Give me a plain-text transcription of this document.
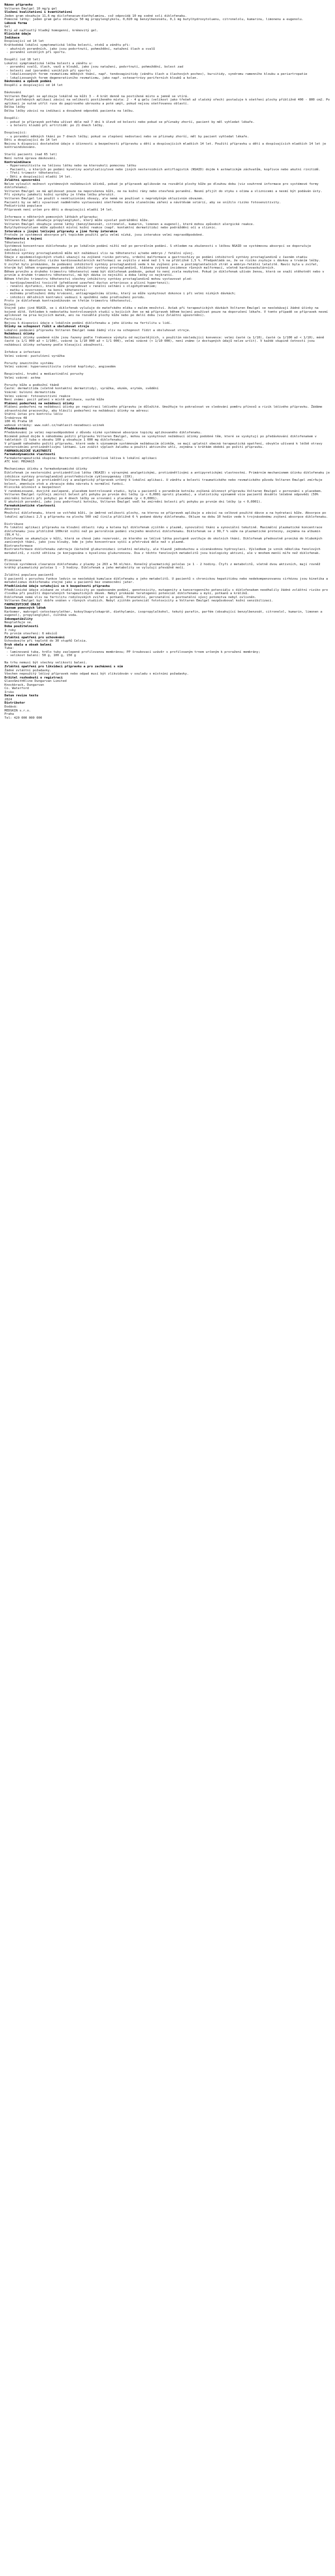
Název přípravku
Voltaren Emulgel 10 mg/g gel
Složení kvalitativní i kvantitativní
Jeden gram obsahuje 11,6 mg diclofenacum-diethylaminu, což odpovídá 10 mg sodné soli diklofenaku.
Pomocné látky: jeden gram gelu obsahuje 50 mg propylenglykolu, 0,020 mg benzylbenzoátu, 0,1 mg butylhydroxytoluenu, citronelolu, kumarinu, limonenu a eugenolu.
Léková forma
Gel
Bílý až nažloutlý hladký homogenní, krémovitý gel.
Klinické údaje
Indikace
Dospívající od 14 let
Krátkodobá lokální symptomatická léčba bolesti, otoků a zánětu při:
- akutních poraněních, jako jsou podvrtnutí, pohmoždění, natažení šlach a svalů
- poranění vzniklých při sportu.

Dospělí (od 18 let)
Lokální symptomatická léčba bolesti a zánětu u:
- poranění svalů, šlach, vazů a kloubů, jako jsou natažení, podvrtnutí, pohmoždění, bolest zad
- bolesti zad (poranění vzniklých při sportu)
- lokalizovaných forem revmatismu měkkých tkání, např. tendovaginitidy (zánětu šlach a šlachových pochev), bursitidy, syndromu ramenního kloubu a periartropatie
- lokalizovaných forem degenerativního revmatismu, jako např. osteoartrózy periferních kloubů a kolen.
Dávkování a způsob podání
Dospělí a dospívající od 14 let

Dávkování
Voltaren Emulgel se aplikuje lokálně na kůži 3 - 4 krát denně na postižené místo a jemně se vtírá.
Počet potřebných aplikací závisí na velikosti postiženého místa: 2 - 4 g gelu (velikost jako třešeň až vlašský ořech) postačuje k ošetření plochy přibližně 400 - 800 cm2. Po aplikaci je nutné utřít ruce do papírového ubrousku a poté umýt, pokud nejsou ošetřovanou oblastí.
Délka léčby
Délka léčby závisí na indikaci a dosažené odpovědi pacienta na léčbu.

Dospělí:
- pokud je přípravek potřeba užívat déle než 7 dní k úlevě od bolesti nebo pokud se příznaky zhorší, pacient by měl vyhledat lékaře.
- u bolesti kloubů při artritidě: po 21 dnech léčby.

Dospívající:
- u poranění měkkých tkání po 7 dnech léčby; pokud se zlepšení nedostaví nebo se příznaky zhorší, měl by pacient vyhledat lékaře.
Děti a dospívající do 14 let
Nejsou k dispozici dostatečné údaje o účinnosti a bezpečnosti přípravku u dětí a dospívajících mladších 14 let. Použití přípravku u dětí a dospívajících mladších 14 let je kontraindikováno.

Starší pacienti (nad 65 let)
Není nutná úprava dávkování.
Kontraindikace
- Hypersenzitivita na léčivou látku nebo na kteroukoli pomocnou látku
- Pacienti, u kterých po podání kyseliny acetylsalicylové nebo jiných nesteroidních antiflogistik (NSAID) dojde k astmatickým záchvatům, kopřivce nebo akutní rinitidě.
- Třetí trimestr těhotenství.
- Děti a dospívající mladší 14 let.
Zvláštní upozornění
Nelze vyloučit možnost systémových nežádoucích účinků, pokud je přípravek aplikován na rozsáhlé plochy kůže po dlouhou dobu (viz souhrnné informace pro systémové formy diklofenaku).
Voltaren Emulgel se má aplikovat pouze na neporušenou kůži, ne na kožní rány nebo otevřená poranění. Nesmí přijít do styku s očima a sliznicemi a nesmí být podáván ústy.
Při výskytu jakékoli kožní vyrážky je třeba léčbu přerušit.
Voltaren Emulgel lze použít s neokluzivními obvazy, ale nemá se používat s neprodyšným okluzivním obvazem.
Pacienti by se měli vyvarovat nadměrného vystavování ošetřeného místa slunečnímu záření a návštěvám solárií, aby se snížilo riziko fotosenzitivity.
Pediatrická populace
Přípravek není určen pro děti a dospívající mladší 14 let.

Informace o některých pomocných látkách přípravku:
Voltaren Emulgel obsahuje propylenglykol, který může vyvolat podráždění kůže.
Voltaren Emulgel obsahuje vonné látky (benzylbenzoát, citronelol, kumarin, limonen a eugenol), které mohou způsobit alergické reakce.
Butylhydroxytoluen může způsobit místní kožní reakce (např. kontaktní dermatitidu) nebo podráždění očí a sliznic.
Interakce s jinými léčivými přípravky a jiné formy interakce
Protože je systémová absorpce při topickém použití gelu velmi nízká, jsou interakce velmi nepravděpodobné.
Těhotenství a kojení
Těhotenství
Systémová koncentrace diklofenaku je po lokálním podání nižší než po perorálním podání. S ohledem na zkušenosti s léčbou NSAID se systémovou absorpcí se doporučuje následující:
Inhibice syntézy prostaglandinů může mít nežádoucí vliv na těhotenství a/nebo embryo / fetální vývoj.
Údaje z epidemiologických studií ukazují na zvýšené riziko potratu, srdeční malformace a gastroschízy po podání inhibitorů syntézy prostaglandinů v časném stadiu těhotenství. Absolutní riziko kardiovaskulárních malformací se zvýšilo z méně než 1 % na přibližně 1,5 %. Předpokládá se, že se riziko zvyšuje s dávkou a trváním léčby.
U zvířat bylo prokázáno, že podávání inhibitorů syntézy prostaglandinů vede k ke zvýšení pre- a postimplantačních ztrát a embryo-fetální letalitě. Navíc byla u zvířat, kterým byl během organogeneze podáván inhibitor syntézy prostaglandinů, hlášena zvýšená incidence různých malformací, včetně kardiovaskulárních.
Během prvního a druhého trimestru těhotenství nemá být diklofenak podáván, pokud to není zcela nezbytné. Pokud je diklofenak užíván ženou, která se snaží otěhotnět nebo v prvním a druhém trimestru těhotenství, má být dávka co nejnižší a doba léčby co nejkratší.
Během třetího trimestru těhotenství všechny inhibitory syntézy prostaglandinů mohou vystavovat plod:
- kardiopulmonální toxicitě (předčasné uzavření ductus arteriosus a plicní hypertenzi);
- renální dysfunkci, která může progredovat v renální selhání s oligohydramniem;
- matku a novorozence na konci těhotenství:
- možnému prodloužení doby krvácení, antiagregačnímu účinku, který se může vyskytnout dokonce i při velmi nízkých dávkách;
- inhibici děložních kontrakcí vedoucí k opoždění nebo prodloužení porodu.
Proto je diklofenak kontraindikován ve třetím trimestru těhotenství.
Kojení
Stejně jako jiné NSAID, se i diklofenak vylučuje do mateřského mléka v malém množství. Avšak při terapeutických dávkách Voltaren Emulgel se neočekávají žádné účinky na kojené dítě. Vzhledem k nedostatku kontrolovaných studií u kojících žen se má přípravek během kojení používat pouze na doporučení lékaře. V tomto případě se přípravek nesmí aplikovat na prsa kojících matek, ani na rozsáhlé plochy kůže nebo po delší dobu (viz Zvláštní upozornění).
Fertilita
Nejsou k dispozici údaje o lokálním podání diklofenaku a jeho účinku na fertilitu u lidí.
Účinky na schopnost řídit a obsluhovat stroje
Lokální podávání přípravku Voltaren Emulgel nemá žádný vliv na schopnost řídit a obsluhovat stroje.
Nežádoucí účinky
Nežádoucí účinky uvedené níže jsou řazeny podle frekvence výskytu od nejčastějších, s použitím následující konvence: velmi časté (≥ 1/10), časté (≥ 1/100 až < 1/10), méně časté (≥ 1/1 000 až < 1/100), vzácné (≥ 1/10 000 až < 1/1 000), velmi vzácné (< 1/10 000), není známo (z dostupných údajů nelze určit). V každé skupině četností jsou nežádoucí účinky seřazeny podle klesající závažnosti.

Infekce a infestace
Velmi vzácné: pustulózní vyrážka

Poruchy imunitního systému
Velmi vzácné: hypersenzitivita (včetně kopřivky), angioedém

Respirační, hrudní a mediastinální poruchy
Velmi vzácné: astma

Poruchy kůže a podkožní tkáně
Časté: dermatitida (včetně kontaktní dermatitidy), vyrážka, ekzém, erytém, svědění
Vzácné: bulózní dermatitida
Velmi vzácné: fotosenzitivní reakce
Není známo: pocit pálení v místě aplikace, suchá kůže
Hlášení podezření na nežádoucí účinky
Hlášení podezření na nežádoucí účinky po registraci léčivého přípravku je důležité. Umožňuje to pokračovat ve sledování poměru přínosů a rizik léčivého přípravku. Žádáme zdravotnické pracovníky, aby hlásili podezření na nežádoucí účinky na adresu:
Státní ústav pro kontrolu léčiv
Šrobárova 48
100 41 Praha 10
webové stránky: www.sukl.cz/nahlasit-nezadouci-ucinek
Předávkování
Předávkování je velmi nepravděpodobné z důvodu nízké systémové absorpce topicky aplikovaného diklofenaku.
Nicméně pokud dojde k náhodnému požití přípravku Voltaren Emulgel, mohou se vyskytnout nežádoucí účinky podobné těm, které se vyskytují po předávkování diklofenakem v tabletách (1 tuba o obsahu 100 g obsahuje 1 000 mg diklofenaku).
V případě náhodného požití přípravku, které vede k významným systémovým nežádoucím účinkům, se mají uplatnit obecná terapeutická opatření, obvykle užívaná k léčbě otravy nesteroidními protizánětlivými látkami. Lze zvážit výplach žaludku a použití aktivního uhlí, zejména v krátkém období po požití přípravku.
FARMAKOLOGICKÉ VLASTNOSTI
Farmakodynamické vlastnosti
Farmakoterapeutická skupina: Nesteroidní protizánětlivá léčiva k lokální aplikaci
ATC kód: M02AA15

Mechanismus účinku a farmakodynamické účinky
Diklofenak je nesteroidní protizánětlivá látka (NSAID) s výraznými analgetickými, protizánětlivými a antipyretickými vlastnostmi. Primárním mechanismem účinku diklofenaku je inhibice syntézy prostaglandinů prostřednictvím cyklooxygenázy (COX).
Voltaren Emulgel je protizánětlivý a analgetický přípravek určený k lokální aplikaci. U zánětu a bolesti traumatického nebo revmatického původu Voltaren Emulgel zmírňuje bolest, zmenšuje otok a zkracuje dobu návratu k normální funkci.
Klinická účinnost a bezpečnost
V randomizované, dvojitě zaslepené, placebem kontrolované studii, byla u pacientů s poraněním kotníku zvýšená účinnost přípravku Voltaren Emulgel v porovnání s placebem. Voltaren Emulgel rychleji zmírnil bolest při pohybu po prvním dni léčby (p < 0,0001 oproti placebu), a statisticky významně více pacientů dosáhlo léčebné odpovědi (50% zmírnění bolesti při pohybu) po 4 dnech léčby ve srovnání s placebem (p < 0,0001).
U akutních poranění, jako jsou podvrtnutí kotníku, Voltaren Emulgel vedl ke zmírnění bolesti při pohybu po prvním dni léčby (p < 0,0001).
Farmakokinetické vlastnosti
Absorpce
Množství diklofenaku, které se vstřebá kůží, je úměrné velikosti plochy, na kterou se přípravek aplikuje a závisí na celkové použité dávce a na hydrataci kůže. Absorpce po lokální aplikaci 2,5 g přípravku na plochu 500 cm2 činila přibližně 6 % podané dávky diklofenaku. Okluze na dobu 10 hodin vede k trojnásobnému zvýšení absorpce diklofenaku.

Distribuce
Po lokální aplikaci přípravku na kloubní oblasti ruky a kolena byl diklofenak zjištěn v plazmě, synoviální tkáni a synoviální tekutině. Maximální plazmatické koncentrace diklofenaku jsou přibližně 100krát nižší než po perorálním podání stejného množství diklofenaku. Diklofenak se z 99,7 % váže na plazmatické proteiny, zejména na albumin (99,4 %).
Diklofenak se akumuluje v kůži, která se chová jako rezervoár, ze kterého se léčivá látka postupně uvolňuje do okolních tkání. Diklofenak přednostně proniká do hlubokých zanícených tkání, jako jsou klouby, kde je jeho koncentrace vyšší a přetrvává déle než v plazmě.
Biotransformace
Biotransformace diklofenaku zahrnuje částečně glukuronidaci intaktní molekuly, ale hlavně jednoduchou a vícenásobnou hydroxylaci. Výsledkem je vznik několika fenolových metabolitů, z nichž většina je konjugována s kyselinou glukuronovou. Dva z těchto fenolových metabolitů jsou biologicky aktivní, ale v mnohem menší míře než diklofenak.

Eliminace
Celková systémová clearance diklofenaku z plazmy je 263 ± 56 ml/min. Konečný plazmatický poločas je 1 - 2 hodiny. Čtyři z metabolitů, včetně dvou aktivních, mají rovněž krátký plazmatický poločas 1 - 3 hodiny. Diklofenak a jeho metabolity se vylučují převážně močí.

Zvláštní populace pacientů
U pacientů s poruchou funkce ledvin se neočekává kumulace diklofenaku a jeho metabolitů. U pacientů s chronickou hepatitidou nebo nedekompenzovanou cirhózou jsou kinetika a metabolismus diklofenaku stejné jako u pacientů bez onemocnění jater.
Předklinické údaje vztahující se k bezpečnosti přípravku
Předklinické údaje získané ze studií toxicity po opakovaném podání, genotoxicity, mutagenity a kancerogenního potenciálu s diklofenakem neodhalily žádné zvláštní riziko pro člověka při použití doporučených terapeutických dávek. Nebyl prokázán teratogenní potenciál diklofenaku u myší, potkanů a králíků.
Diklofenak nemá vliv na fertilitu rodičovských zvířat u potkanů. Prenatální, perinatální a postnatální vývoj potomstva nebyl ovlivněn.
Voltaren Emulgel byl dobře snášen v různých studiích. Nebyl zjištěn potenciál fototoxicity a Voltaren Emulgel nezpůsoboval kožní senzibilizaci.
FARMACEUTICKÉ ÚDAJE
Seznam pomocných látek
Karbomer, makrogol-cetostearylether, kokoylkaprylokaprát, diethylamin, isopropylalkohol, tekutý parafin, parfém (obsahující benzylbenzoát, citronelol, kumarin, limonen a eugenol), propylenglykol, čištěná voda.
Inkompatibility
Neuplatňuje se.
Doba použitelnosti
3 roky
Po prvním otevření: 6 měsíců
Zvláštní opatření pro uchovávání
Uchovávejte při teplotě do 30 stupňů Celsia.
Druh obalu a obsah balení
Tuba:
- laminovaná tuba, hrdlo tuby zaslepené profilovanou membránou; PP šroubovací uzávěr s profilovaným trnem určeným k proražení membrány;
- velikost balení: 50 g, 100 g, 150 g

Na trhu nemusí být všechny velikosti balení.
Zvláštní opatření pro likvidaci přípravku a pro zacházení s ním
Žádné zvláštní požadavky.
Všechen nepoužitý léčivý přípravek nebo odpad musí být zlikvidován v souladu s místními požadavky.
Držitel rozhodnutí o registraci
GlaxoSmithKline Dungarvan Limited
Knockbrack, Dungarvan
Co. Waterford
Irsko
Datum revize textu
2024
Distributor
Dodává:
MEDSKIN s.r.o.
Praha
Tel: 420 000 000 000
